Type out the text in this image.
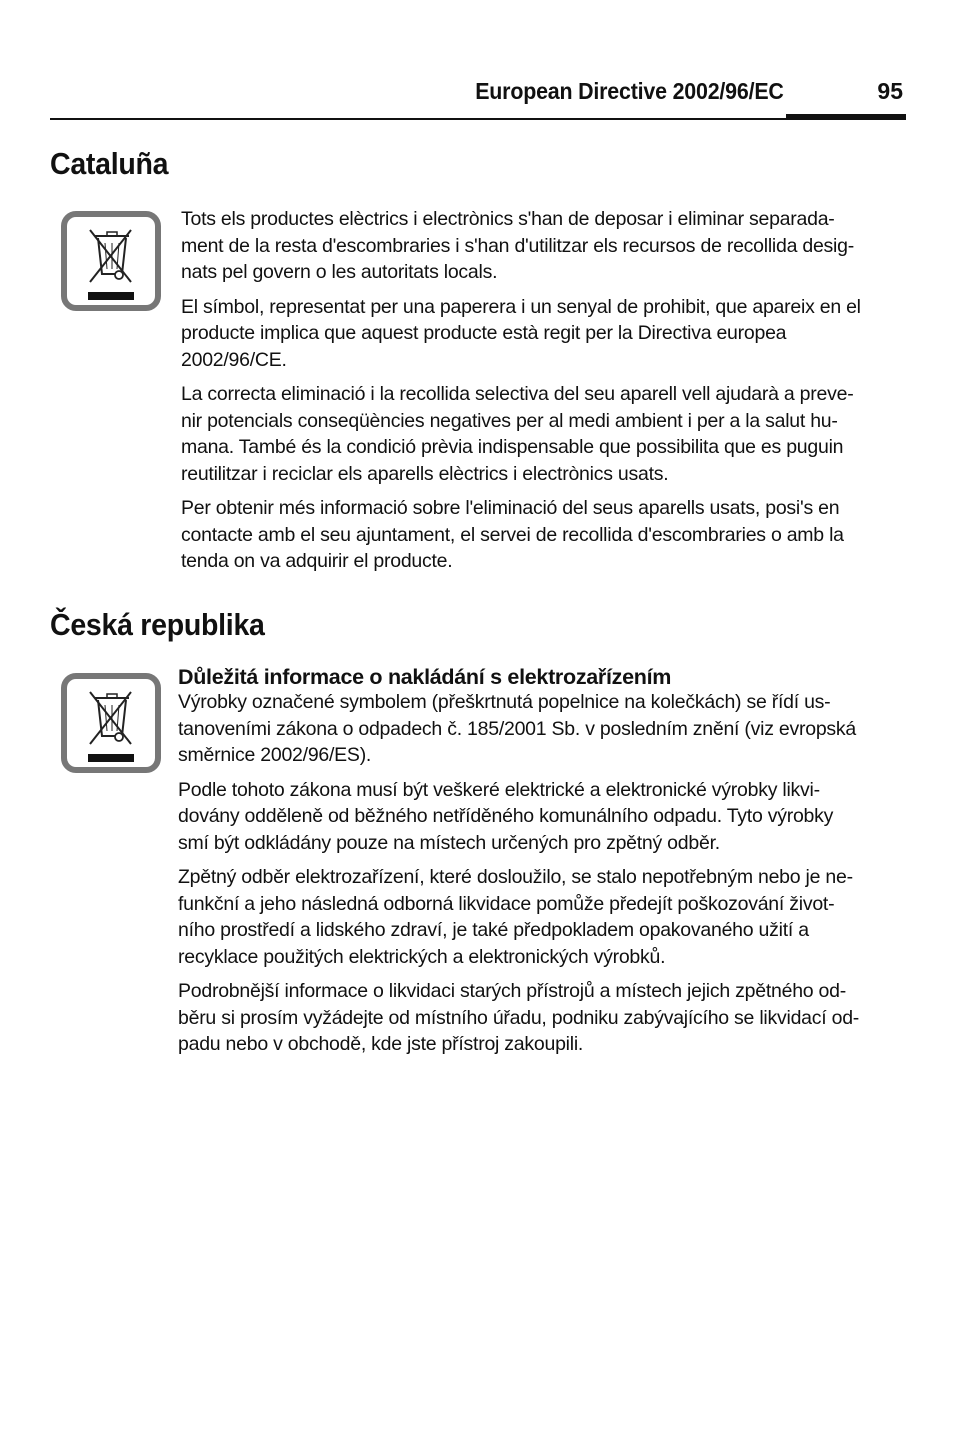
European Directive 2002/96/EC	95
Cataluña

Tots els productes elèctrics i electrònics s'han de deposar i eliminar separada-
ment de la resta d'escombraries i s'han d'utilitzar els recursos de recollida desig-
nats pel govern o les autoritats locals.

El símbol, representat per una paperera i un senyal de prohibit, que apareix en el
producte implica que aquest producte està regit per la Directiva europea
2002/96/CE.

La correcta eliminació i la recollida selectiva del seu aparell vell ajudarà a preve-
nir potencials conseqüències negatives per al medi ambient i per a la salut hu-
mana. També és la condició prèvia indispensable que possibilita que es puguin
reutilitzar i reciclar els aparells elèctrics i electrònics usats.

Per obtenir més informació sobre l'eliminació del seus aparells usats, posi's en
contacte amb el seu ajuntament, el servei de recollida d'escombraries o amb la
tenda on va adquirir el producte.

Česká republika
Důležitá informace o nakládání s elektrozařízením

Výrobky označené symbolem (přeškrtnutá popelnice na kolečkách) se řídí us-
tanoveními zákona o odpadech č. 185/2001 Sb. v posledním znění (viz evropská
směrnice 2002/96/ES).

Podle tohoto zákona musí být veškeré elektrické a elektronické výrobky likvi-
dovány odděleně od běžného netříděného komunálního odpadu. Tyto výrobky
smí být odkládány pouze na místech určených pro zpětný odběr.

Zpětný odběr elektrozařízení, které dosloužilo, se stalo nepotřebným nebo je ne-
funkční a jeho následná odborná likvidace pomůže předejít poškozování život-
ního prostředí a lidského zdraví, je také předpokladem opakovaného užití a
recyklace použitých elektrických a elektronických výrobků.

Podrobnější informace o likvidaci starých přístrojů a místech jejich zpětného od-
běru si prosím vyžádejte od místního úřadu, podniku zabývajícího se likvidací od-
padu nebo v obchodě, kde jste přístroj zakoupili.
